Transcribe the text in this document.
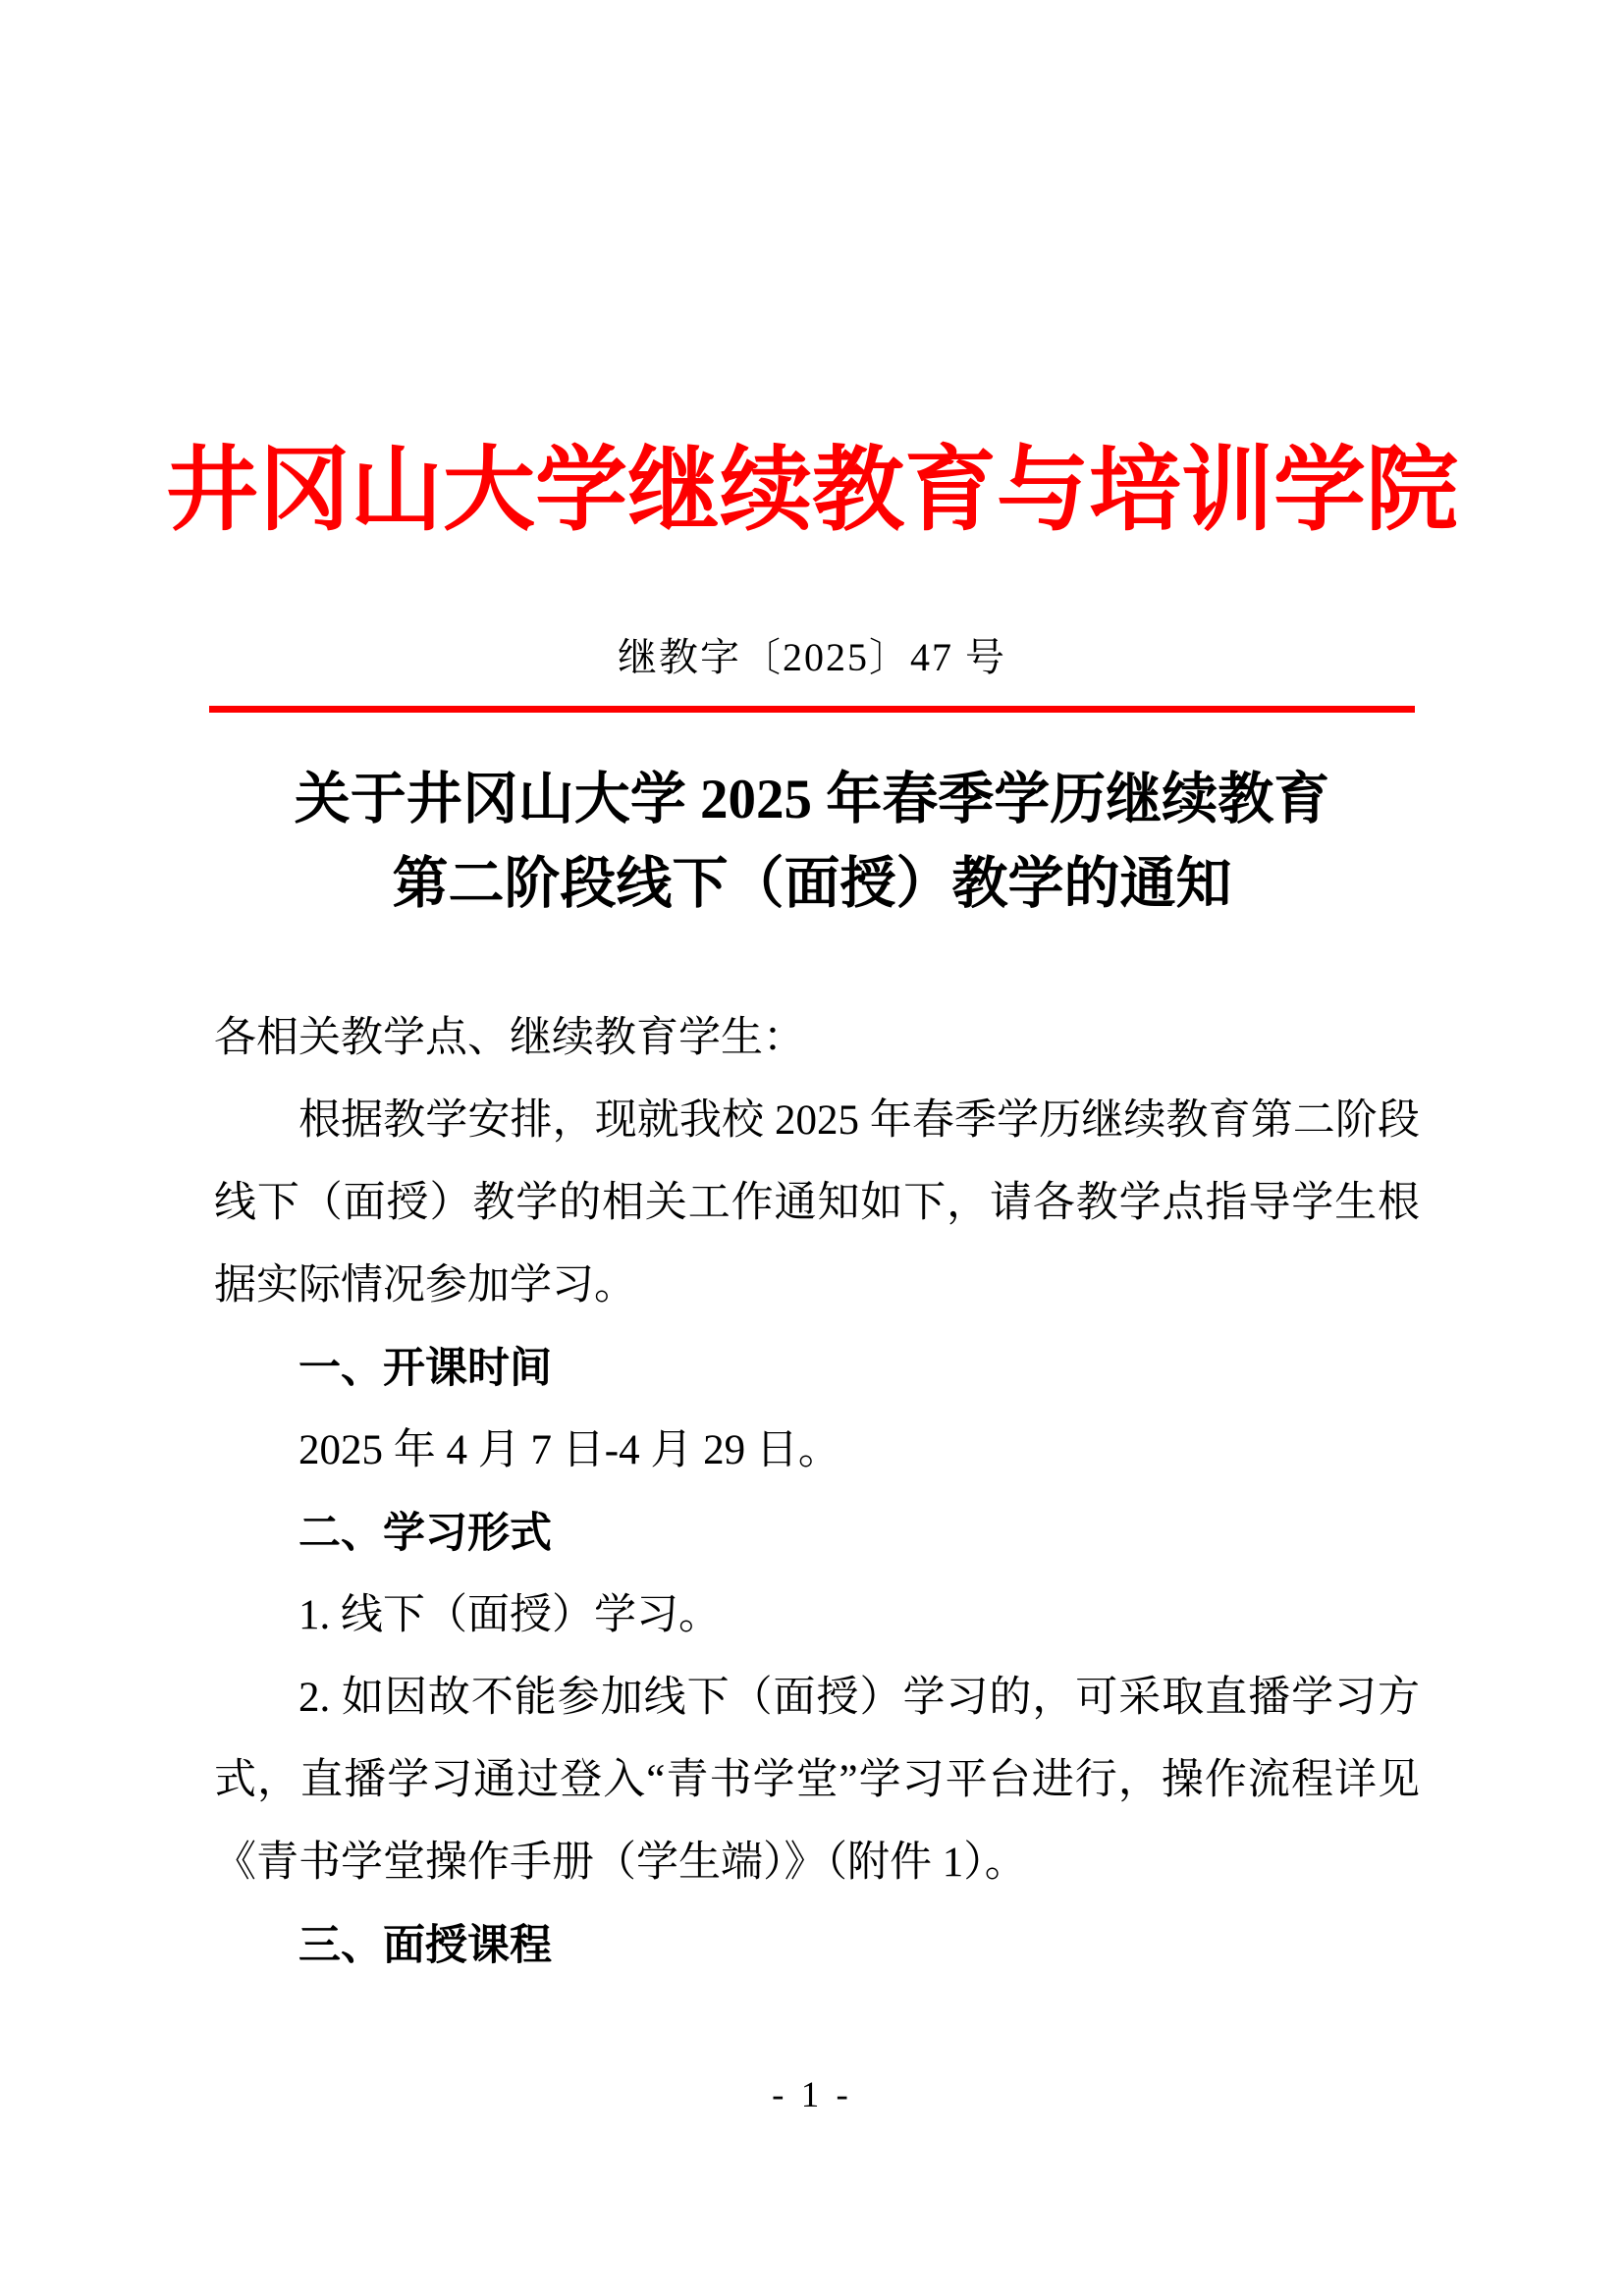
井冈山大学继续教育与培训学院
继教字〔2025〕47 号
关于井冈山大学 2025 年春季学历继续教育
第二阶段线下（面授）教学的通知

各相关教学点、继续教育学生：

根据教学安排，现就我校 2025 年春季学历继续教育第二阶段线下（面授）教学的相关工作通知如下，请各教学点指导学生根据实际情况参加学习。

一、开课时间

2025 年 4 月 7 日-4 月 29 日。

二、学习形式

1. 线下（面授）学习。

2. 如因故不能参加线下（面授）学习的，可采取直播学习方式，直播学习通过登入“青书学堂”学习平台进行，操作流程详见《青书学堂操作手册（学生端）》（附件 1）。

三、面授课程

- 1 -
